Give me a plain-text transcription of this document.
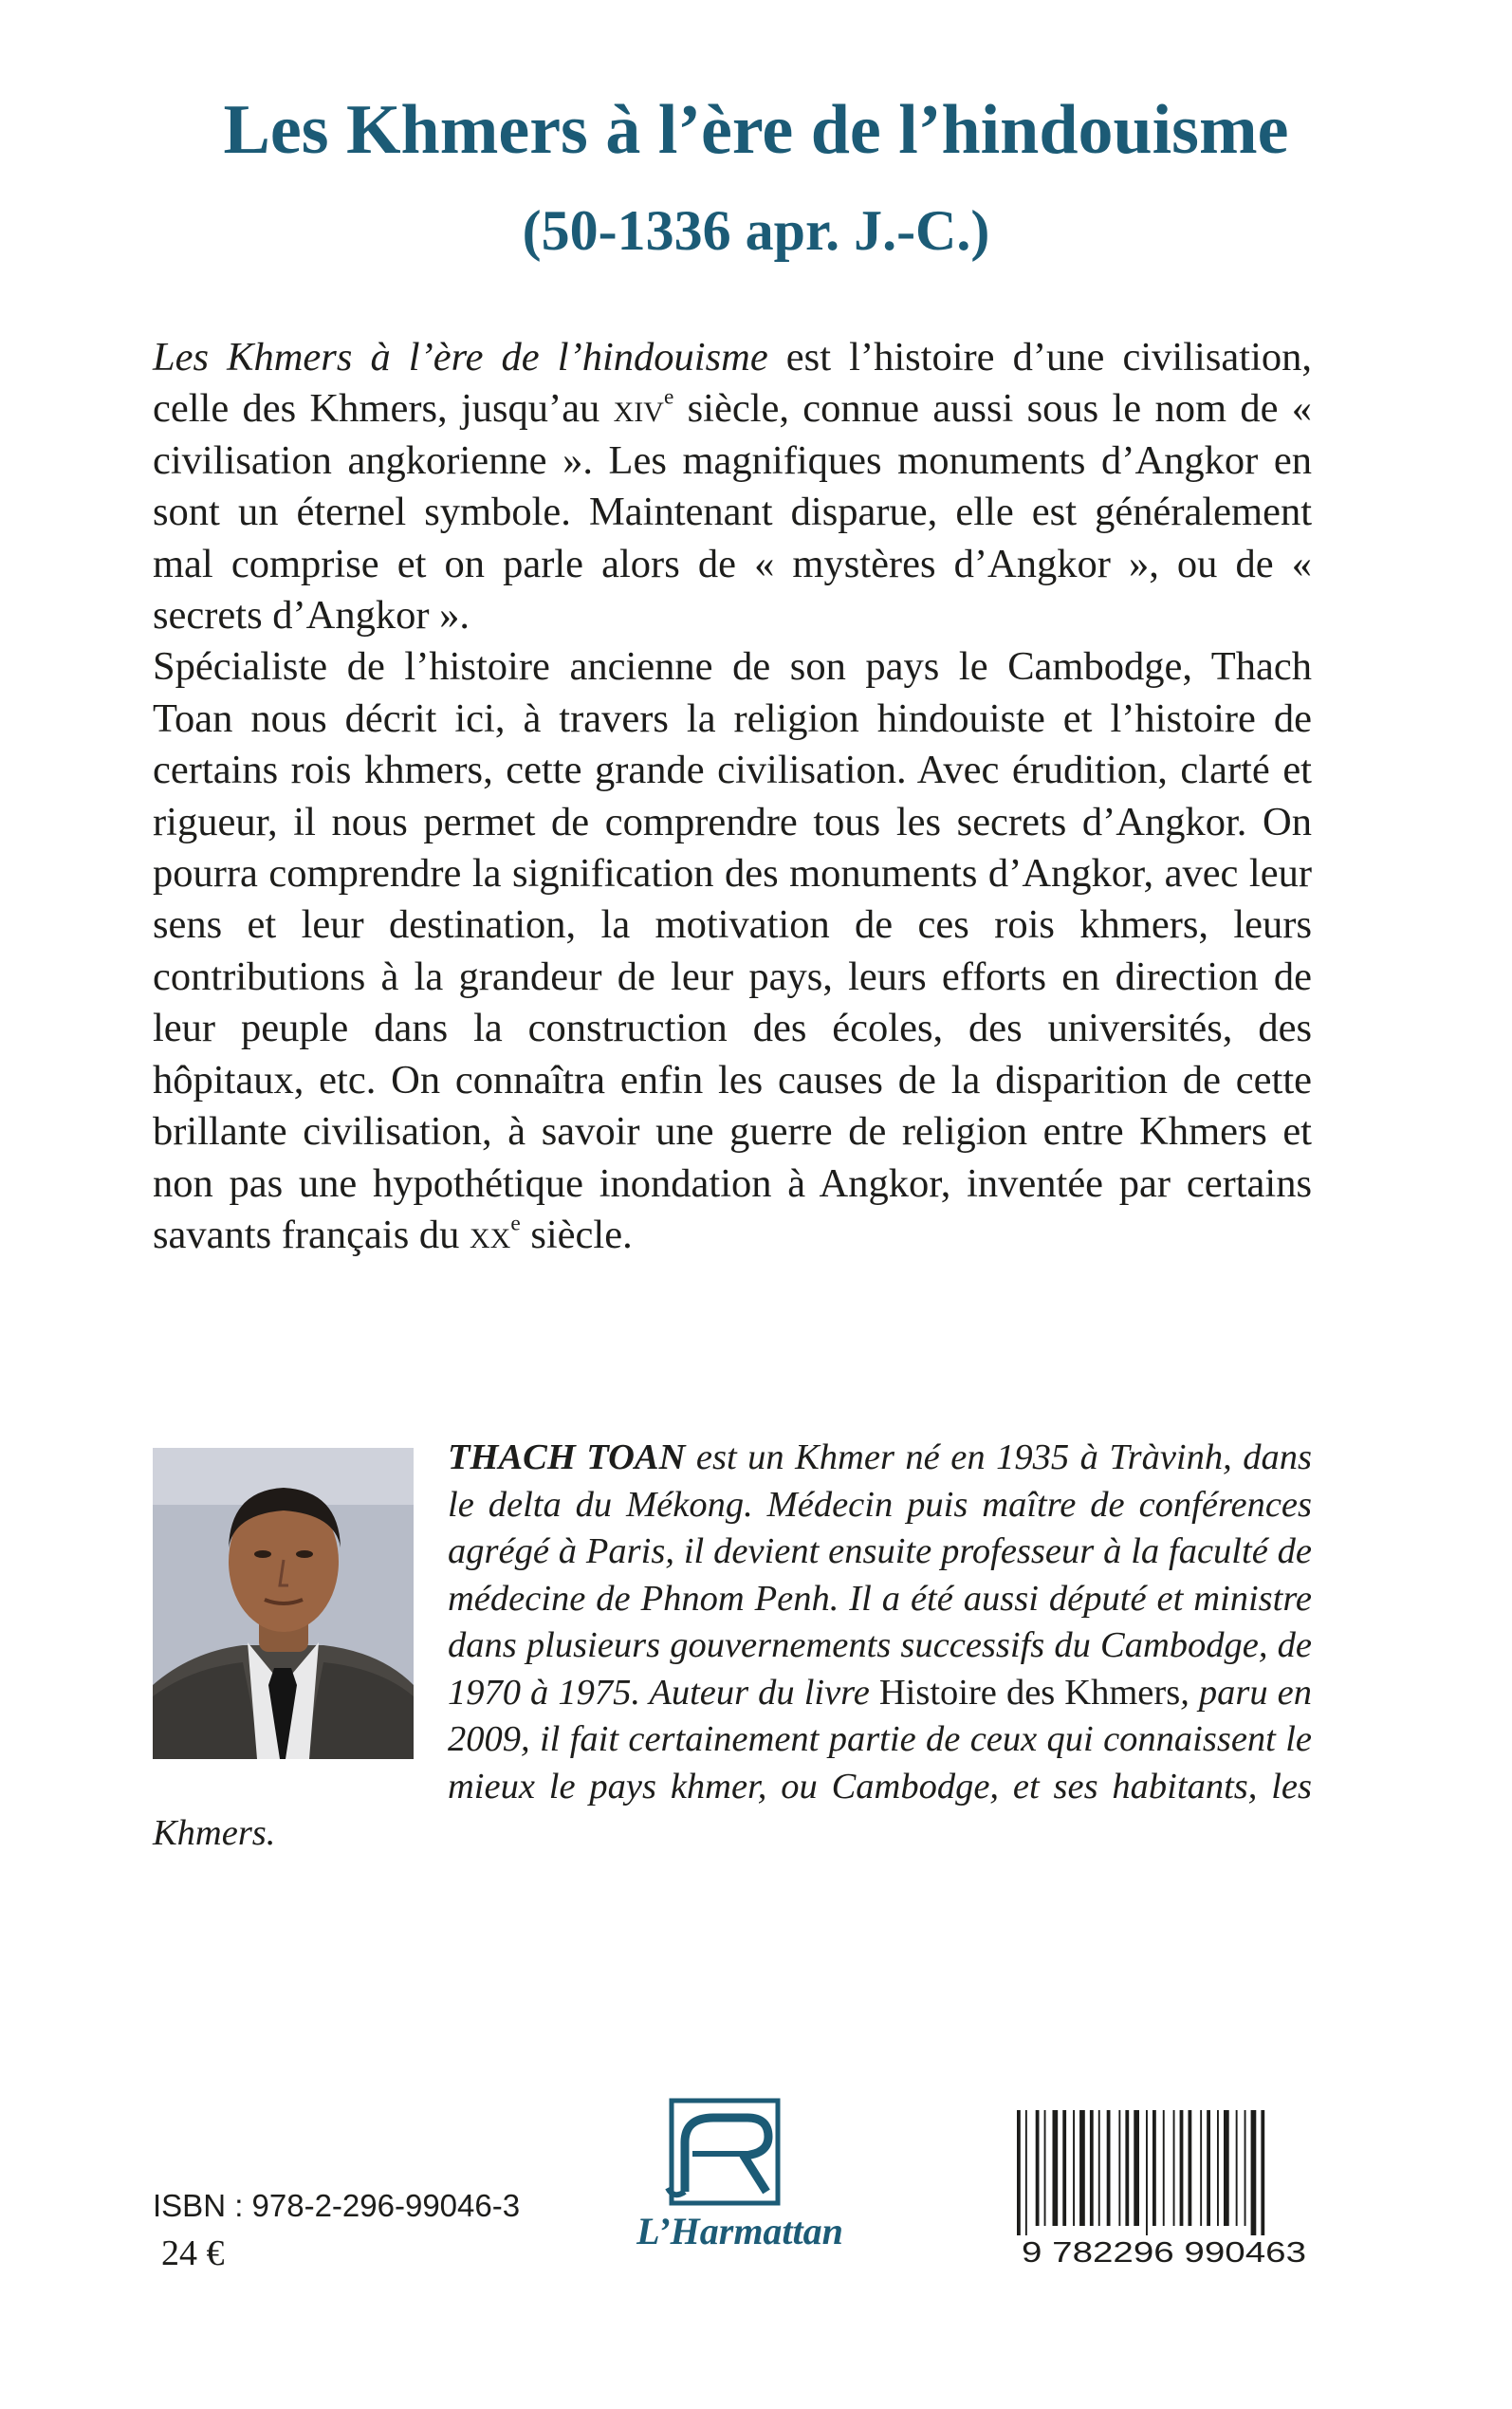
Les Khmers à l’ère de l’hindouisme
(50-1336 apr. J.-C.)

Les Khmers à l’ère de l’hindouisme est l’histoire d’une civilisation, celle des Khmers, jusqu’au xiv$^e$ siècle, connue aussi sous le nom de « civilisation angkorienne ». Les magnifiques monuments d’Angkor en sont un éternel symbole. Maintenant disparue, elle est généralement mal comprise et on parle alors de « mystères d’Angkor », ou de « secrets d’Angkor ».

Spécialiste de l’histoire ancienne de son pays le Cambodge, Thach Toan nous décrit ici, à travers la religion hindouiste et l’histoire de certains rois khmers, cette grande civilisation. Avec érudition, clarté et rigueur, il nous permet de comprendre tous les secrets d’Angkor. On pourra comprendre la signification des monuments d’Angkor, avec leur sens et leur destination, la motivation de ces rois khmers, leurs contributions à la grandeur de leur pays, leurs efforts en direction de leur peuple dans la construction des écoles, des universités, des hôpitaux, etc. On connaîtra enfin les causes de la disparition de cette brillante civilisation, à savoir une guerre de religion entre Khmers et non pas une hypothétique inondation à Angkor, inventée par certains savants français du $xx^e$ siècle.

THACH TOAN est un Khmer né en 1935 à Tràvinh, dans le delta du Mékong. Médecin puis maître de conférences agrégé à Paris, il devient ensuite professeur à la faculté de médecine de Phnom Penh. Il a été aussi député et ministre dans plusieurs gouvernements successifs du Cambodge, de 1970 à 1975. Auteur du livre Histoire des Khmers, paru en 2009, il fait certainement partie de ceux qui connaissent le mieux le pays khmer, ou Cambodge, et ses habitants, les Khmers.
ISBN : 978-2-296-99046-3
24 €
L’Harmattan	9 782296 990463
